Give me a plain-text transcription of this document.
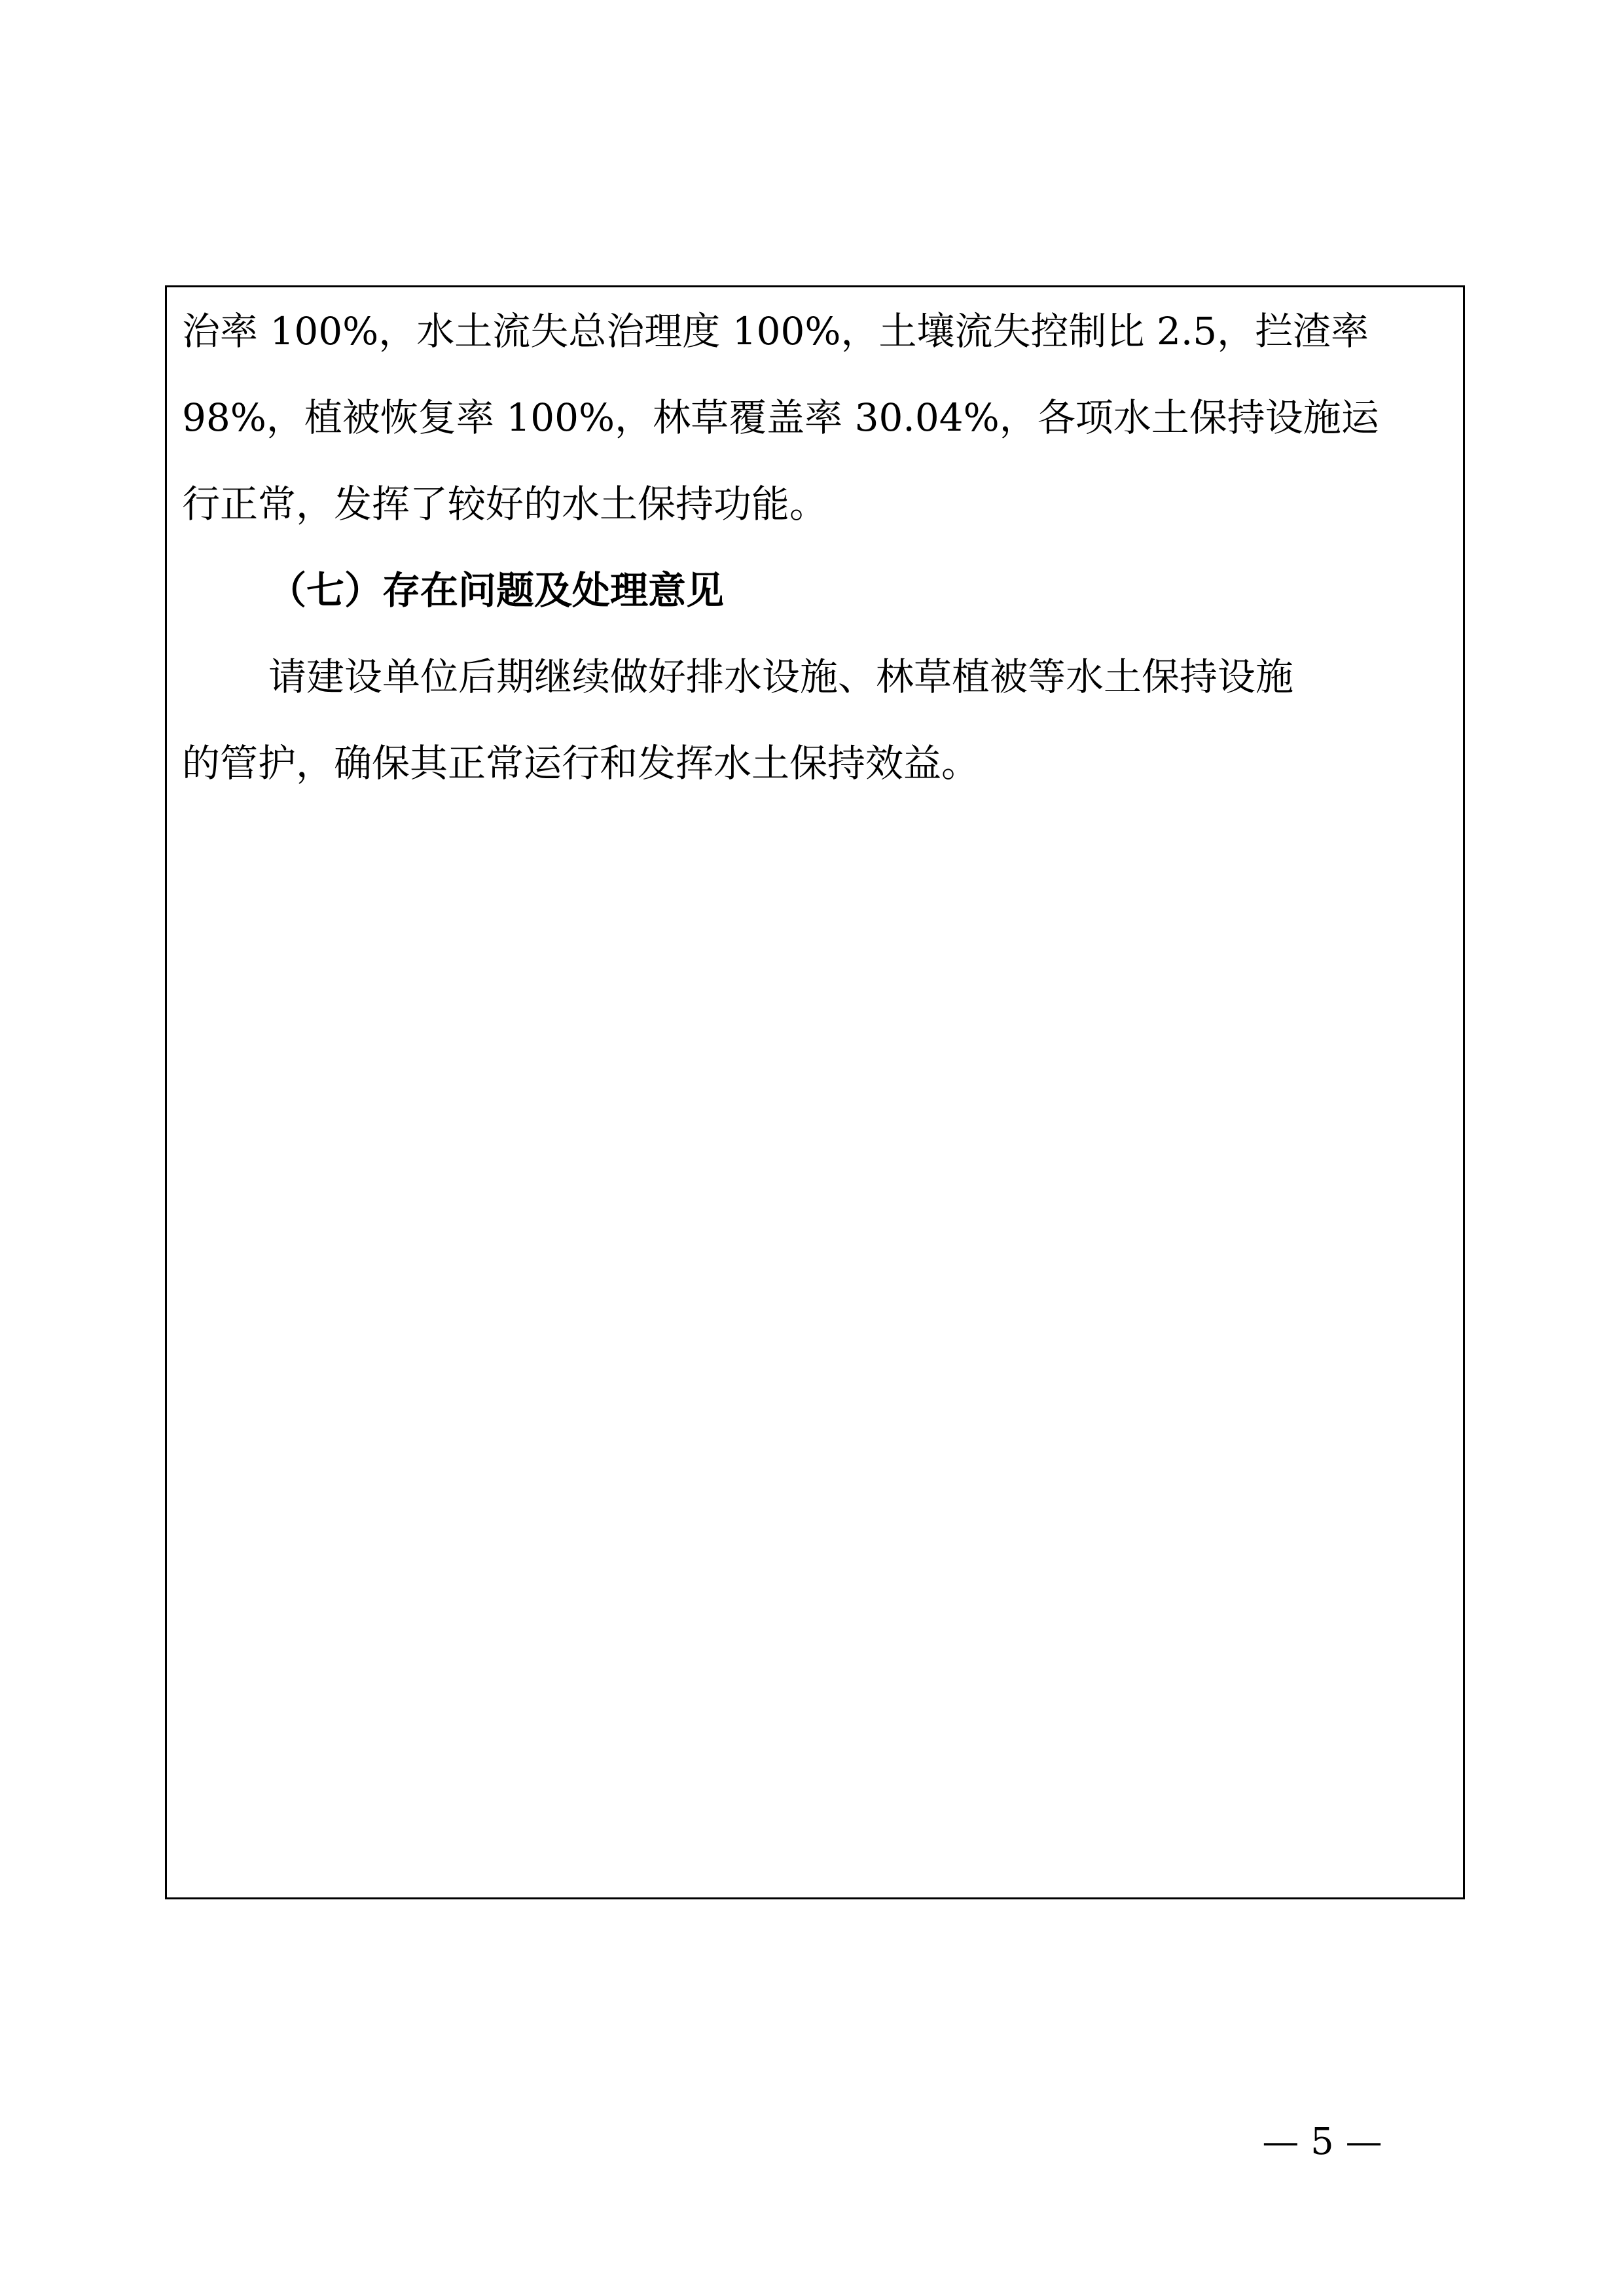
治率 100%，水土流失总治理度 100%，土壤流失控制比 2.5，拦渣率
98%，植被恢复率 100%，林草覆盖率 30.04%，各项水土保持设施运
行正常，发挥了较好的水土保持功能。
（七）存在问题及处理意见
请建设单位后期继续做好排水设施、林草植被等水土保持设施
的管护，确保其正常运行和发挥水土保持效益。
— 5 —
